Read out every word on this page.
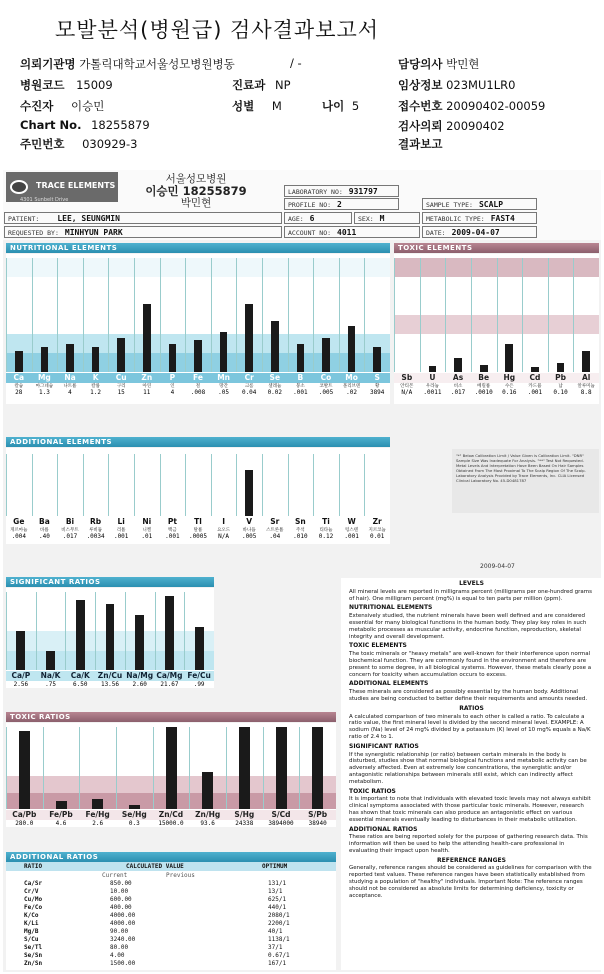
모발분석(병원급) 검사결과보고서
의뢰기관명 가톨릭대학교서울성모병원병동	/ -	담당의사 박민현
병원코드 15009	진료과 NP	임상정보 023MU1LR0
수진자 이승민	성별 M	나이 5	접수번호 20090402-00059
Chart No. 18255879	검사의뢰 20090402
주민번호 030929-3	결과보고
TRACE ELEMENTS
4301 Sunbelt Drive
서울성모병원
이승민 18255879
박민현
LABORATORY NO: 931797
PROFILE NO: 2	SAMPLE TYPE: SCALP
PATIENT: LEE, SEUNGMIN	AGE: 6	SEX: M	METABOLIC TYPE: FAST4
REQUESTED BY: MINHYUN PARK	ACCOUNT NO: 4011	DATE: 2009-04-07
NUTRITIONAL ELEMENTS	TOXIC ELEMENTS
ADDITIONAL ELEMENTS
SIGNIFICANT RATIOS
TOXIC RATIOS
ADDITIONAL RATIOS
Ca
칼슘
28
Mg
마그네슘
1.3
Na
나트륨
4
K
칼륨
1.2
Cu
구리
15
Zn
아연
11
P
인
4
Fe
철
.008
Mn
망간
.05
Cr
크롬
0.04
Se
셀레늄
0.02
B
붕소
.001
Co
코발트
.005
Mo
몰리브덴
.02
S
황
3894
Sb
안티몬
N/A
U
우라늄
.0011
As
비소
.017
Be
베릴륨
.0010
Hg
수은
0.16
Cd
카드뮴
.001
Pb
납
0.10
Al
알루미늄
8.8
Ge
게르마늄
.004
Ba
바륨
.40
Bi
비스무트
.017
Rb
루비듐
.0034
Li
리튬
.001
Ni
니켈
.01
Pt
백금
.001
Tl
탈륨
.0005
I
요오드
N/A
V
바나듐
.005
Sr
스트론튬
.04
Sn
주석
.010
Ti
티타늄
0.12
W
텅스텐
.001
Zr
지르코늄
0.01
Ca/P
2.56
Na/K
.75
Ca/K
6.50
Zn/Cu
13.56
Na/Mg
2.60
Ca/Mg
21.67
Fe/Cu
.99
Ca/Pb
280.0
Fe/Pb
4.6
Fe/Hg
2.6
Se/Hg
0.3
Zn/Cd
15000.0
Zn/Hg
93.6
S/Hg
24338
S/Cd
3894000
S/Pb
38940
2009-04-07
"*" Below Calibration Limit / Value Given is Calibration Limit. "DNR" Sample Size Was Inadequate For Analysis. "**" Test Not Requested. Metal Levels And Interpretation Have Been Based On Hair Samples Obtained From The Most Proximal To The Scalp Region Of The Scalp. Laboratory Analysis Provided by Trace Elements, Inc. CLIA Licensed Clinical Laboratory No. 45-D0481787
RATIO	CALCULATED VALUE	OPTIMUM
Current	Previous
Ca/Sr	850.00	131/1
Cr/V	10.00	13/1
Cu/Mo	600.00	625/1
Fe/Co	400.00	440/1
K/Co	4000.00	2080/1
K/Li	4000.00	2200/1
Mg/B	90.00	40/1
S/Cu	3240.00	1138/1
Se/Tl	80.00	37/1
Se/Sn	4.00	0.67/1
Zn/Sn	1500.00	167/1
LEVELS

All mineral levels are reported in milligrams percent (milligrams per one-hundred grams of hair). One milligram percent (mg%) is equal to ten parts per million (ppm).

NUTRITIONAL ELEMENTS

Extensively studied, the nutrient minerals have been well defined and are considered essential for many biological functions in the human body. They play key roles in such metabolic processes as muscular activity, endocrine function, reproduction, skeletal integrity and overall development.

TOXIC ELEMENTS

The toxic minerals or "heavy metals" are well-known for their interference upon normal biochemical function. They are commonly found in the environment and therefore are present to some degree, in all biological systems. However, these metals clearly pose a concern for toxicity when accumulation occurs to excess.

ADDITIONAL ELEMENTS

These minerals are considered as possibly essential by the human body. Additional studies are being conducted to better define their requirements and amounts needed.

RATIOS

A calculated comparison of two minerals to each other is called a ratio. To calculate a ratio value, the first mineral level is divided by the second mineral level. EXAMPLE: A sodium (Na) level of 24 mg% divided by a potassium (K) level of 10 mg% equals a Na/K ratio of 2.4 to 1.

SIGNIFICANT RATIOS

If the synergistic relationship (or ratio) between certain minerals in the body is disturbed, studies show that normal biological functions and metabolic activity can be adversely affected. Even at extremely low concentrations, the synergistic and/or antagonistic relationships between minerals still exist, which can indirectly affect metabolism.

TOXIC RATIOS

It is important to note that individuals with elevated toxic levels may not always exhibit clinical symptoms associated with those particular toxic minerals. However, research has shown that toxic minerals can also produce an antagonistic effect on various essential minerals eventually leading to disturbances in their metabolic utilization.

ADDITIONAL RATIOS

These ratios are being reported solely for the purpose of gathering research data. This information will then be used to help the attending health-care professional in evaluating their impact upon health.

REFERENCE RANGES

Generally, reference ranges should be considered as guidelines for comparison with the reported test values. These reference ranges have been statistically established from studying a population of "healthy" individuals. Important Note: The reference ranges should not be considered as absolute limits for determining deficiency, toxicity or acceptance.
